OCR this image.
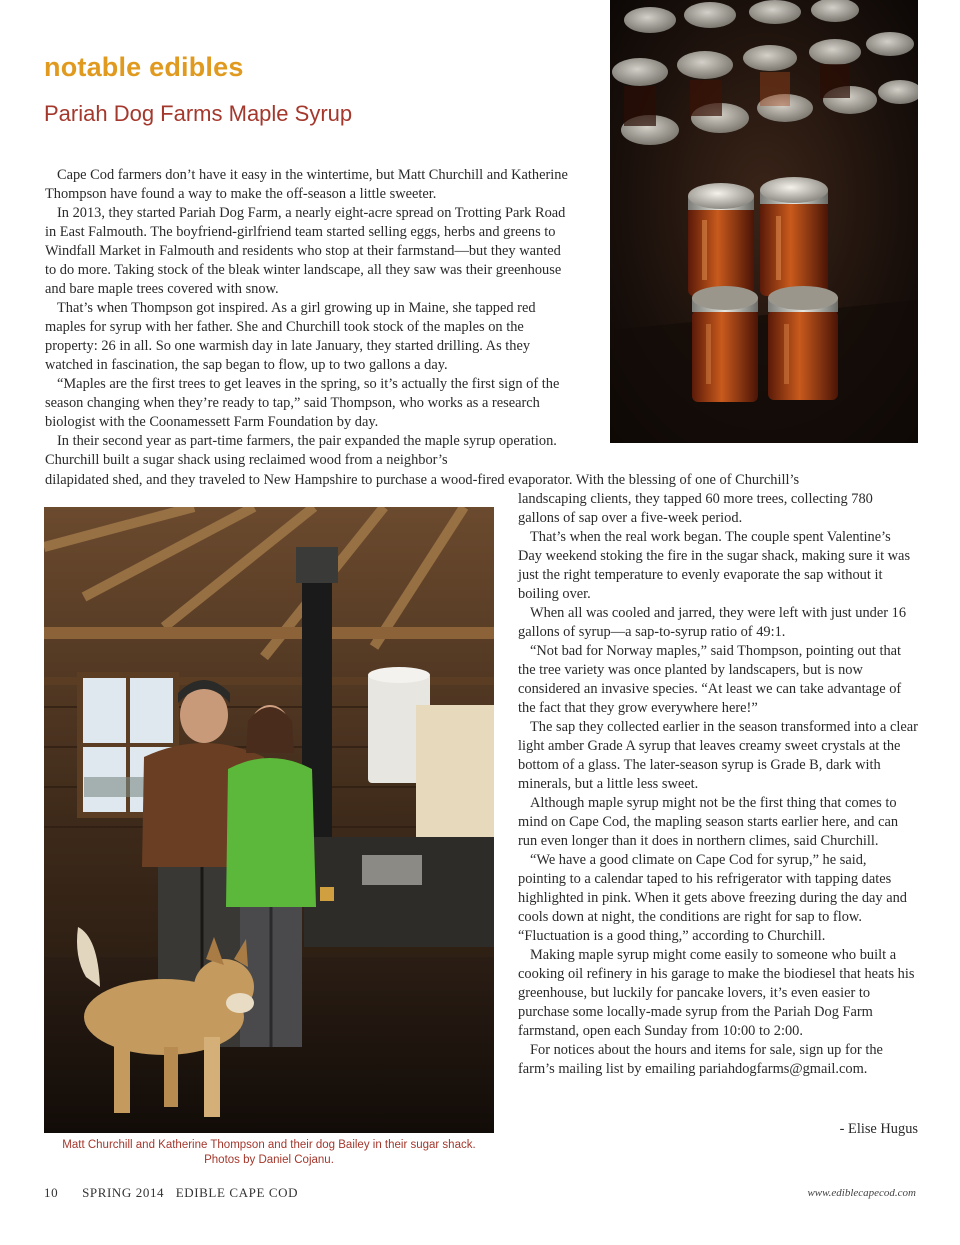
notable edibles
Pariah Dog Farms Maple Syrup

Cape Cod farmers don’t have it easy in the wintertime, but Matt Churchill and Katherine Thompson have found a way to make the off-season a little sweeter.

In 2013, they started Pariah Dog Farm, a nearly eight-acre spread on Trotting Park Road in East Falmouth. The boyfriend-girlfriend team started selling eggs, herbs and greens to Windfall Market in Falmouth and residents who stop at their farmstand—but they wanted to do more. Taking stock of the bleak winter landscape, all they saw was their greenhouse and bare maple trees covered with snow.

That’s when Thompson got inspired. As a girl growing up in Maine, she tapped red maples for syrup with her father. She and Churchill took stock of the maples on the property: 26 in all. So one warmish day in late January, they started drilling. As they watched in fascination, the sap began to flow, up to two gallons a day.

“Maples are the first trees to get leaves in the spring, so it’s actually the first sign of the season changing when they’re ready to tap,” said Thompson, who works as a research biologist with the Coonamessett Farm Foundation by day.

In their second year as part-time farmers, the pair expanded the maple syrup operation. Churchill built a sugar shack using reclaimed wood from a neighbor’s

dilapidated shed, and they traveled to New Hampshire to purchase a wood-fired evaporator. With the blessing of one of Churchill’s

Matt Churchill and Katherine Thompson and their dog Bailey in their sugar shack.
Photos by Daniel Cojanu.

landscaping clients, they tapped 60 more trees, collecting 780 gallons of sap over a five-week period.

That’s when the real work began. The couple spent Valentine’s Day weekend stoking the fire in the sugar shack, making sure it was just the right temperature to evenly evaporate the sap without it boiling over.

When all was cooled and jarred, they were left with just under 16 gallons of syrup—a sap-to-syrup ratio of 49:1.

“Not bad for Norway maples,” said Thompson, pointing out that the tree variety was once planted by landscapers, but is now considered an invasive species. “At least we can take advantage of the fact that they grow everywhere here!”

The sap they collected earlier in the season transformed into a clear light amber Grade A syrup that leaves creamy sweet crystals at the bottom of a glass. The later-season syrup is Grade B, dark with minerals, but a little less sweet.

Although maple syrup might not be the first thing that comes to mind on Cape Cod, the mapling season starts earlier here, and can run even longer than it does in northern climes, said Churchill.

“We have a good climate on Cape Cod for syrup,” he said, pointing to a calendar taped to his refrigerator with tapping dates highlighted in pink. When it gets above freezing during the day and cools down at night, the conditions are right for sap to flow. “Fluctuation is a good thing,” according to Churchill.

Making maple syrup might come easily to someone who built a cooking oil refinery in his garage to make the biodiesel that heats his greenhouse, but luckily for pancake lovers, it’s even easier to purchase some locally-made syrup from the Pariah Dog Farm farmstand, open each Sunday from 10:00 to 2:00.

For notices about the hours and items for sale, sign up for the farm’s mailing list by emailing pariahdogfarms@gmail.com.

- Elise Hugus

10 SPRING 2014   EDIBLE CAPE COD	www.ediblecapecod.com
